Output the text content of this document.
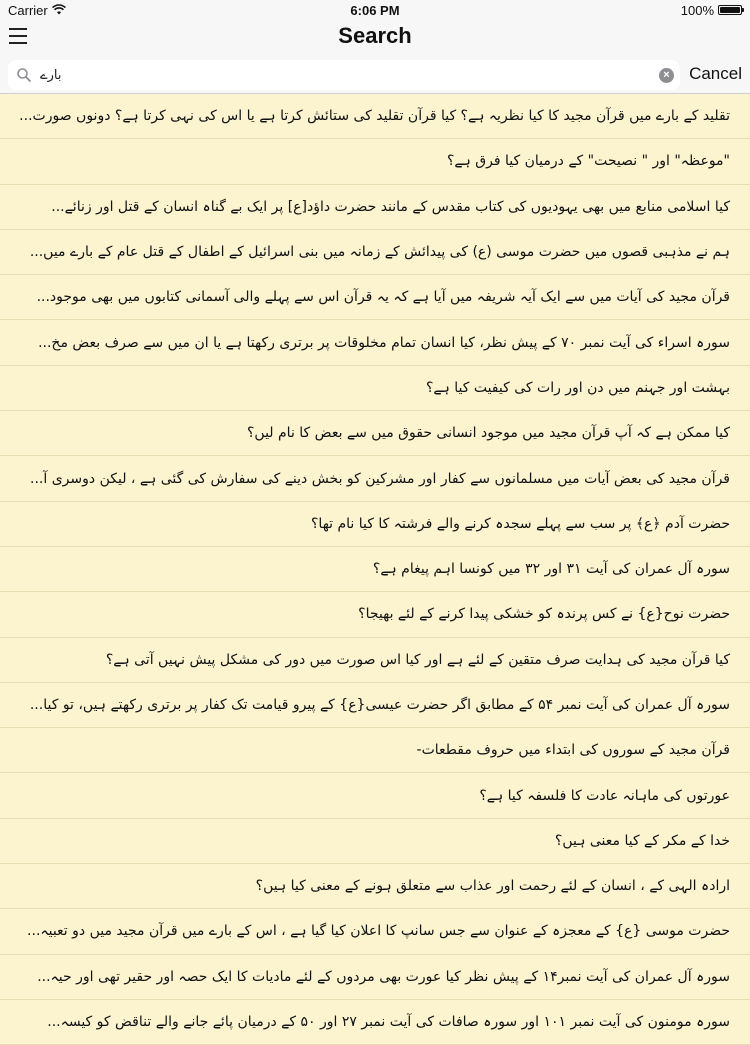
Carrier	6:06 PM	100%
Search
بارے
× Cancel
تقلید کے بارے میں قرآن مجید کا کیا نظریہ ہے؟ کیا قرآن تقلید کی ستائش کرتا ہے یا اس کی نہی کرتا ہے؟ دونوں صورت...
"موعظہ" اور " نصیحت" کے درمیان کیا فرق ہے؟
کیا اسلامی منابع میں بھی یہودیوں کی کتاب مقدس کے مانند حضرت داؤد[ع] پر ایک بے گناہ انسان کے قتل اور زنائے...
ہم نے مذہبی قصوں میں حضرت موسی (ع) کی پیدائش کے زمانہ میں بنی اسرائیل کے اطفال کے قتل عام کے بارے میں...
قرآن مجید کی آیات میں سے ایک آیہ شریفہ میں آیا ہے کہ یہ قرآن اس سے پہلے والی آسمانی کتابوں میں بھی موجود...
سورہ اسراء کی آیت نمبر ۷۰ کے پیش نظر، کیا انسان تمام مخلوقات پر برتری رکھتا ہے یا ان میں سے صرف بعض مخ...
بہشت اور جہنم میں دن اور رات کی کیفیت کیا ہے؟
کیا ممکن ہے کہ آپ قرآن مجید میں موجود انسانی حقوق میں سے بعض کا نام لیں؟
قرآن مجید کی بعض آیات میں مسلمانوں سے کفار اور مشرکین کو بخش دینے کی سفارش کی گئی ہے ، لیکن دوسری آ...
حضرت آدم ﴿ع﴾ پر سب سے پہلے سجدہ کرنے والے فرشتہ کا کیا نام تھا؟
سورہ آل عمران کی آیت ۳۱ اور ۳۲ میں کونسا اہم پیغام ہے؟
حضرت نوح{ع} نے کس پرندہ کو خشکی پیدا کرنے کے لئے بھیجا؟
کیا قرآن مجید کی ہدایت صرف متقین کے لئے ہے اور کیا اس صورت میں دور کی مشکل پیش نہیں آتی ہے؟
سورہ آل عمران کی آیت نمبر ۵۴ کے مطابق اگر حضرت عیسی{ع} کے پیرو قیامت تک کفار پر برتری رکھتے ہیں، تو کیا...
قرآن مجید کے سوروں کی ابتداء میں حروف مقطعات-
عورتوں کی ماہانہ عادت کا فلسفہ کیا ہے؟
خدا کے مکر کے کیا معنی ہیں؟
ارادہ الہی کے ، انسان کے لئے رحمت اور عذاب سے متعلق ہونے کے معنی کیا ہیں؟
حضرت موسی {ع} کے معجزہ کے عنوان سے جس سانپ کا اعلان کیا گیا ہے ، اس کے بارے میں قرآن مجید میں دو تعبیہ...
سورہ آل عمران کی آیت نمبر۱۴ کے پیش نظر کیا عورت بھی مردوں کے لئے مادیات کا ایک حصہ اور حقیر تھی اور حیہ...
سورہ مومنون کی آیت نمبر ۱۰۱ اور سورہ صافات کی آیت نمبر ۲۷ اور ۵۰ کے درمیان پائے جانے والے تناقض کو کیسہ...
